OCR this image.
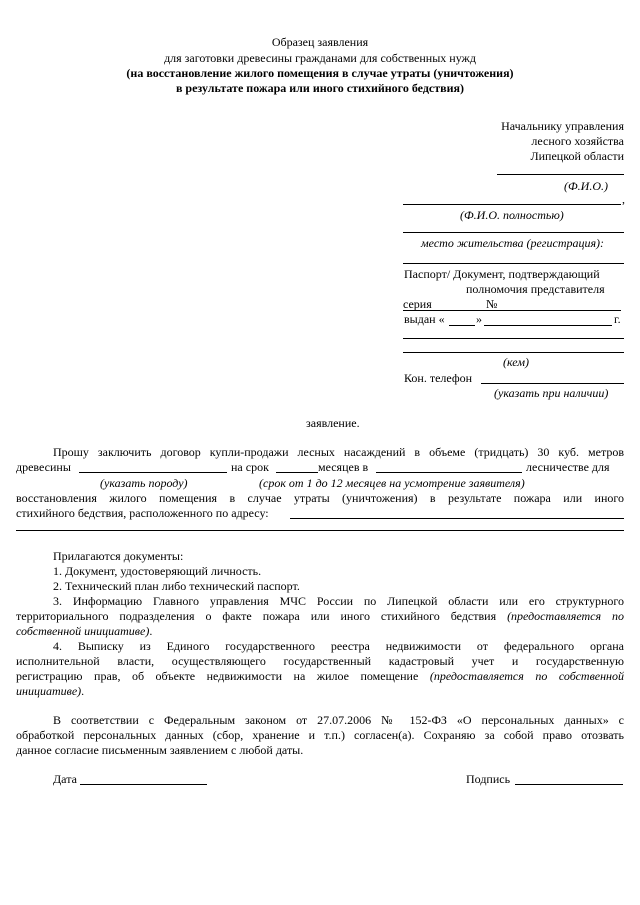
Образец заявления
для заготовки древесины гражданами для собственных нужд
(на восстановление жилого помещения в случае утраты (уничтожения)
в результате пожара или иного стихийного бедствия)
Начальнику управления
лесного хозяйства
Липецкой области
(Ф.И.О.)
,
(Ф.И.О. полностью)
место жительства (регистрация):
Паспорт/ Документ, подтверждающий
полномочия представителя
серия	№
выдан «	»	г.
(кем)
Кон. телефон
(указать при наличии)
заявление.
Прошу заключить договор купли-продажи лесных насаждений в объеме (тридцать) 30 куб. метров
древесины	на срок	месяцев в	лесничестве для
(указать породу)	(срок от 1 до 12 месяцев на усмотрение заявителя)
восстановления жилого помещения в случае утраты (уничтожения) в результате пожара или иного
стихийного бедствия, расположенного по адресу:
Прилагаются документы:
1. Документ, удостоверяющий личность.
2. Технический план либо технический паспорт.
3. Информацию Главного управления МЧС России по Липецкой области или его структурного
территориального подразделения о факте пожара или иного стихийного бедствия (предоставляется по
собственной инициативе).
4. Выписку из Единого государственного реестра недвижимости от федерального органа
исполнительной власти, осуществляющего государственный кадастровый учет и государственную
регистрацию прав, об объекте недвижимости на жилое помещение (предоставляется по собственной
инициативе).
В соответствии с Федеральным законом от 27.07.2006 № 152-ФЗ «О персональных данных» с
обработкой персональных данных (сбор, хранение и т.п.) согласен(а). Сохраняю за собой право отозвать
данное согласие письменным заявлением с любой даты.
Дата	Подпись
